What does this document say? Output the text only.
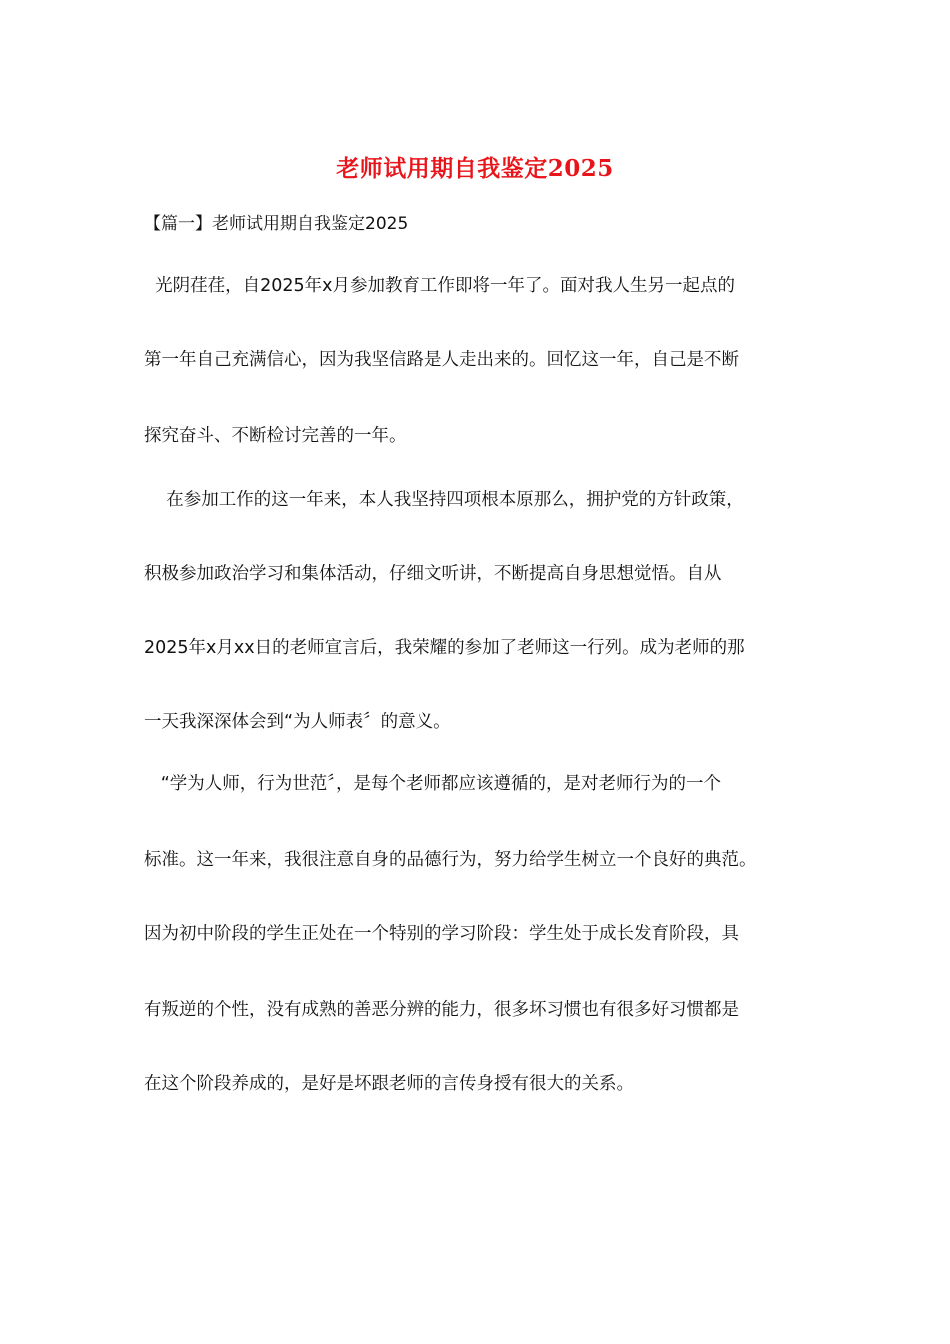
老师试用期自我鉴定2025
【篇一】老师试用期自我鉴定2025
光阴荏荏，自2025年x月参加教育工作即将一年了。面对我人生另一起点的
第一年自己充满信心，因为我坚信路是人走出来的。回忆这一年，自己是不断
探究奋斗、不断检讨完善的一年。
在参加工作的这一年来，本人我坚持四项根本原那么，拥护党的方针政策，
积极参加政治学习和集体活动，仔细文听讲，不断提高自身思想觉悟。自从
2025年x月xx日的老师宣言后，我荣耀的参加了老师这一行列。成为老师的那
一天我深深体会到“为人师表〞的意义。
“学为人师，行为世范〞，是每个老师都应该遵循的，是对老师行为的一个
标准。这一年来，我很注意自身的品德行为，努力给学生树立一个良好的典范。
因为初中阶段的学生正处在一个特别的学习阶段：学生处于成长发育阶段，具
有叛逆的个性，没有成熟的善恶分辨的能力，很多坏习惯也有很多好习惯都是
在这个阶段养成的，是好是坏跟老师的言传身授有很大的关系。
